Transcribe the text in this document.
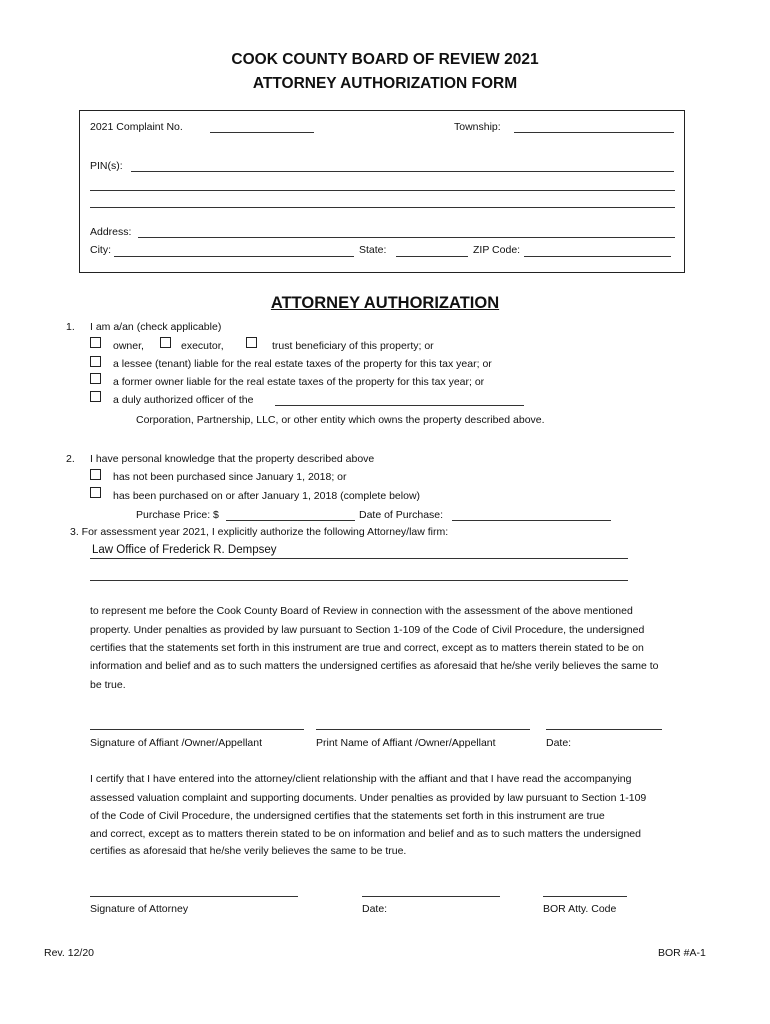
COOK COUNTY BOARD OF REVIEW 2021
ATTORNEY AUTHORIZATION FORM
2021 Complaint No.	Township:
PIN(s):
Address:
City:	State:	ZIP Code:
ATTORNEY AUTHORIZATION
1. I am a/an (check applicable)
owner,	executor,	trust beneficiary of this property; or
a lessee (tenant) liable for the real estate taxes of the property for this tax year; or
a former owner liable for the real estate taxes of the property for this tax year; or
a duly authorized officer of the
Corporation, Partnership, LLC, or other entity which owns the property described above.
2. I have personal knowledge that the property described above
has not been purchased since January 1, 2018; or
has been purchased on or after January 1, 2018 (complete below)
Purchase Price: $	Date of Purchase:
3. For assessment year 2021, I explicitly authorize the following Attorney/law firm:
Law Office of Frederick R. Dempsey
to represent me before the Cook County Board of Review in connection with the assessment of the above mentioned
property. Under penalties as provided by law pursuant to Section 1-109 of the Code of Civil Procedure, the undersigned
certifies that the statements set forth in this instrument are true and correct, except as to matters therein stated to be on
information and belief and as to such matters the undersigned certifies as aforesaid that he/she verily believes the same to
be true.
Signature of Affiant /Owner/Appellant	Print Name of Affiant /Owner/Appellant	Date:
I certify that I have entered into the attorney/client relationship with the affiant and that I have read the accompanying
assessed valuation complaint and supporting documents. Under penalties as provided by law pursuant to Section 1-109
of the Code of Civil Procedure, the undersigned certifies that the statements set forth in this instrument are true
and correct, except as to matters therein stated to be on information and belief and as to such matters the undersigned
certifies as aforesaid that he/she verily believes the same to be true.
Signature of Attorney	Date:	BOR Atty. Code
Rev. 12/20	BOR #A-1
